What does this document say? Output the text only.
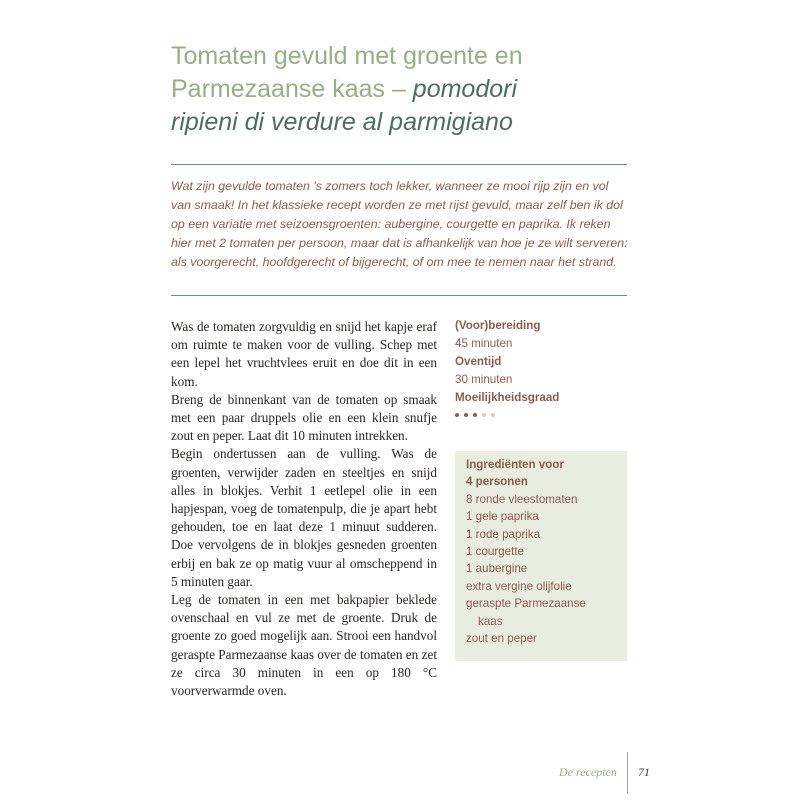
Tomaten gevuld met groente en
Parmezaanse kaas – pomodori
ripieni di verdure al parmigiano

Wat zijn gevulde tomaten 's zomers toch lekker, wanneer ze mooi rijp zijn en vol van smaak! In het klassieke recept worden ze met rijst gevuld, maar zelf ben ik dol op een variatie met seizoensgroenten: aubergine, courgette en paprika. Ik reken hier met 2 tomaten per persoon, maar dat is afhankelijk van hoe je ze wilt serveren: als voorgerecht, hoofdgerecht of bijgerecht, of om mee te nemen naar het strand.

Was de tomaten zorgvuldig en snijd het kapje eraf om ruimte te maken voor de vulling. Schep met een lepel het vruchtvlees eruit en doe dit in een kom.

Breng de binnenkant van de tomaten op smaak met een paar druppels olie en een klein snufje zout en peper. Laat dit 10 minuten intrekken.

Begin ondertussen aan de vulling. Was de groenten, verwijder zaden en steeltjes en snijd alles in blokjes. Verhit 1 eetlepel olie in een hapjespan, voeg de tomatenpulp, die je apart hebt gehouden, toe en laat deze 1 minuut sudderen. Doe vervolgens de in blokjes gesneden groenten erbij en bak ze op matig vuur al omscheppend in 5 minuten gaar.

Leg de tomaten in een met bakpapier beklede ovenschaal en vul ze met de groente. Druk de groente zo goed mogelijk aan. Strooi een handvol geraspte Parmezaanse kaas over de tomaten en zet ze circa 30 minuten in een op 180 °C voorverwarmde oven.

(Voor)bereiding
45 minuten
Oventijd
30 minuten
Moeilijkheidsgraad
Ingrediënten voor
4 personen
8 ronde vleestomaten
1 gele paprika
1 rode paprika
1 courgette
1 aubergine
extra vergine olijfolie
geraspte Parmezaanse
kaas
zout en peper
De recepten 71
